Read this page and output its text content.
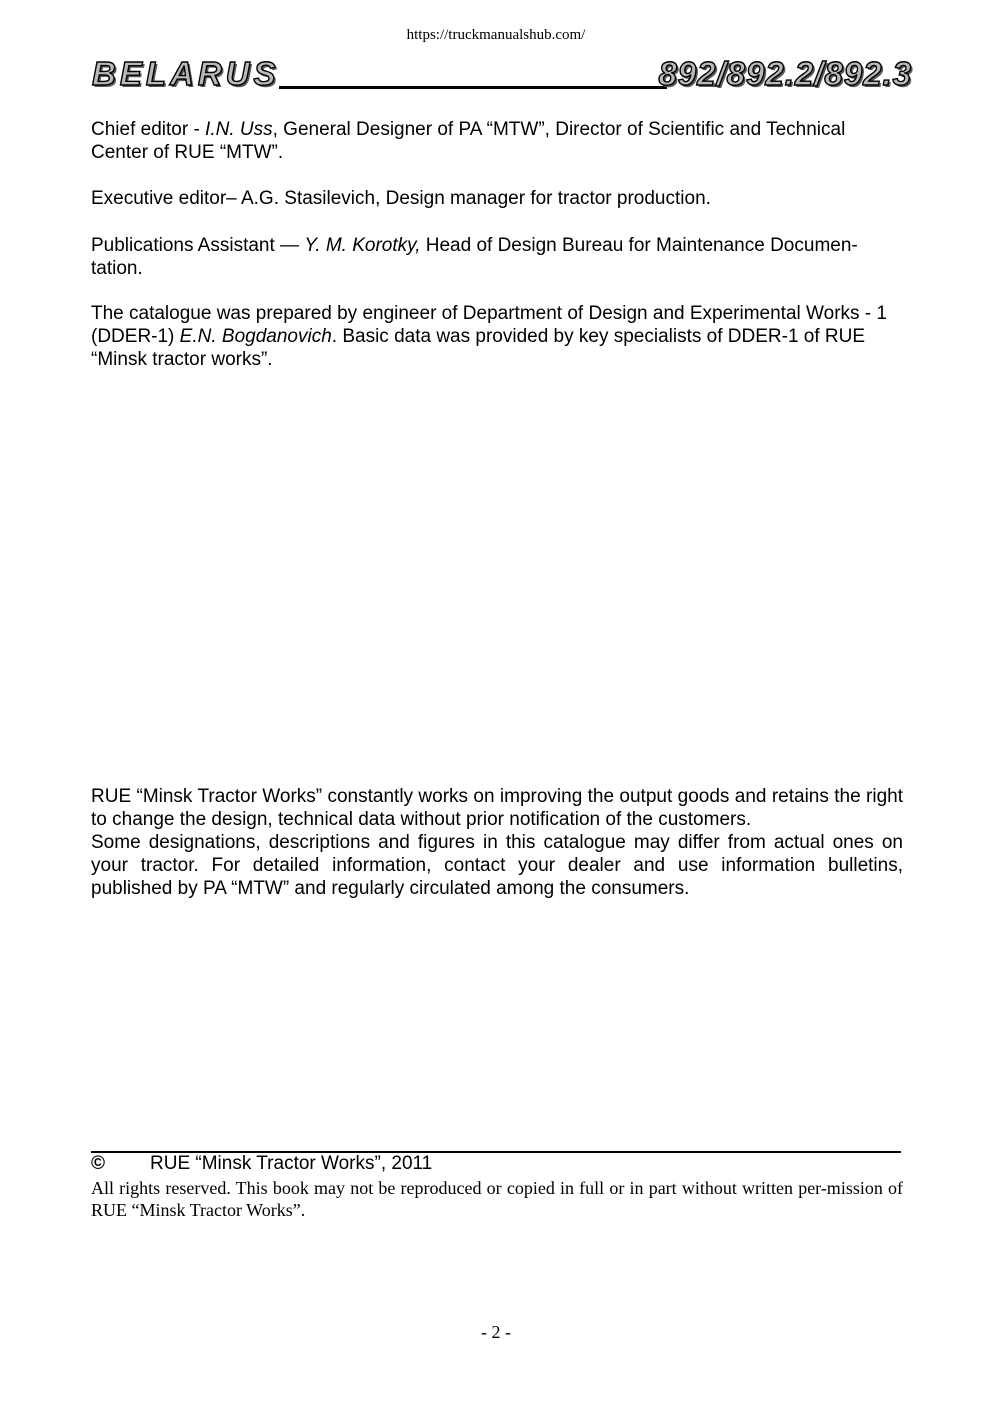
https://truckmanualshub.com/
BELARUS	892/892.2/892.3

Chief editor - I.N. Uss, General Designer of PA “MTW”, Director of Scientific and Technical Center of RUE “MTW”.

Executive editor– A.G. Stasilevich, Design manager for tractor production.

Publications Assistant — Y. M. Korotky, Head of Design Bureau for Maintenance Documen-tation.

The catalogue was prepared by engineer of Department of Design and Experimental Works - 1 (DDER-1) E.N. Bogdanovich. Basic data was provided by key specialists of DDER-1 of RUE “Minsk tractor works”.

RUE “Minsk Tractor Works” constantly works on improving the output goods and retains the right to change the design, technical data without prior notification of the customers.

Some designations, descriptions and figures in this catalogue may differ from actual ones on your tractor. For detailed information, contact your dealer and use information bulletins, published by PA “MTW” and regularly circulated among the consumers.

© RUE “Minsk Tractor Works”, 2011

All rights reserved. This book may not be reproduced or copied in full or in part without written per-mission of RUE “Minsk Tractor Works”.

- 2 -
